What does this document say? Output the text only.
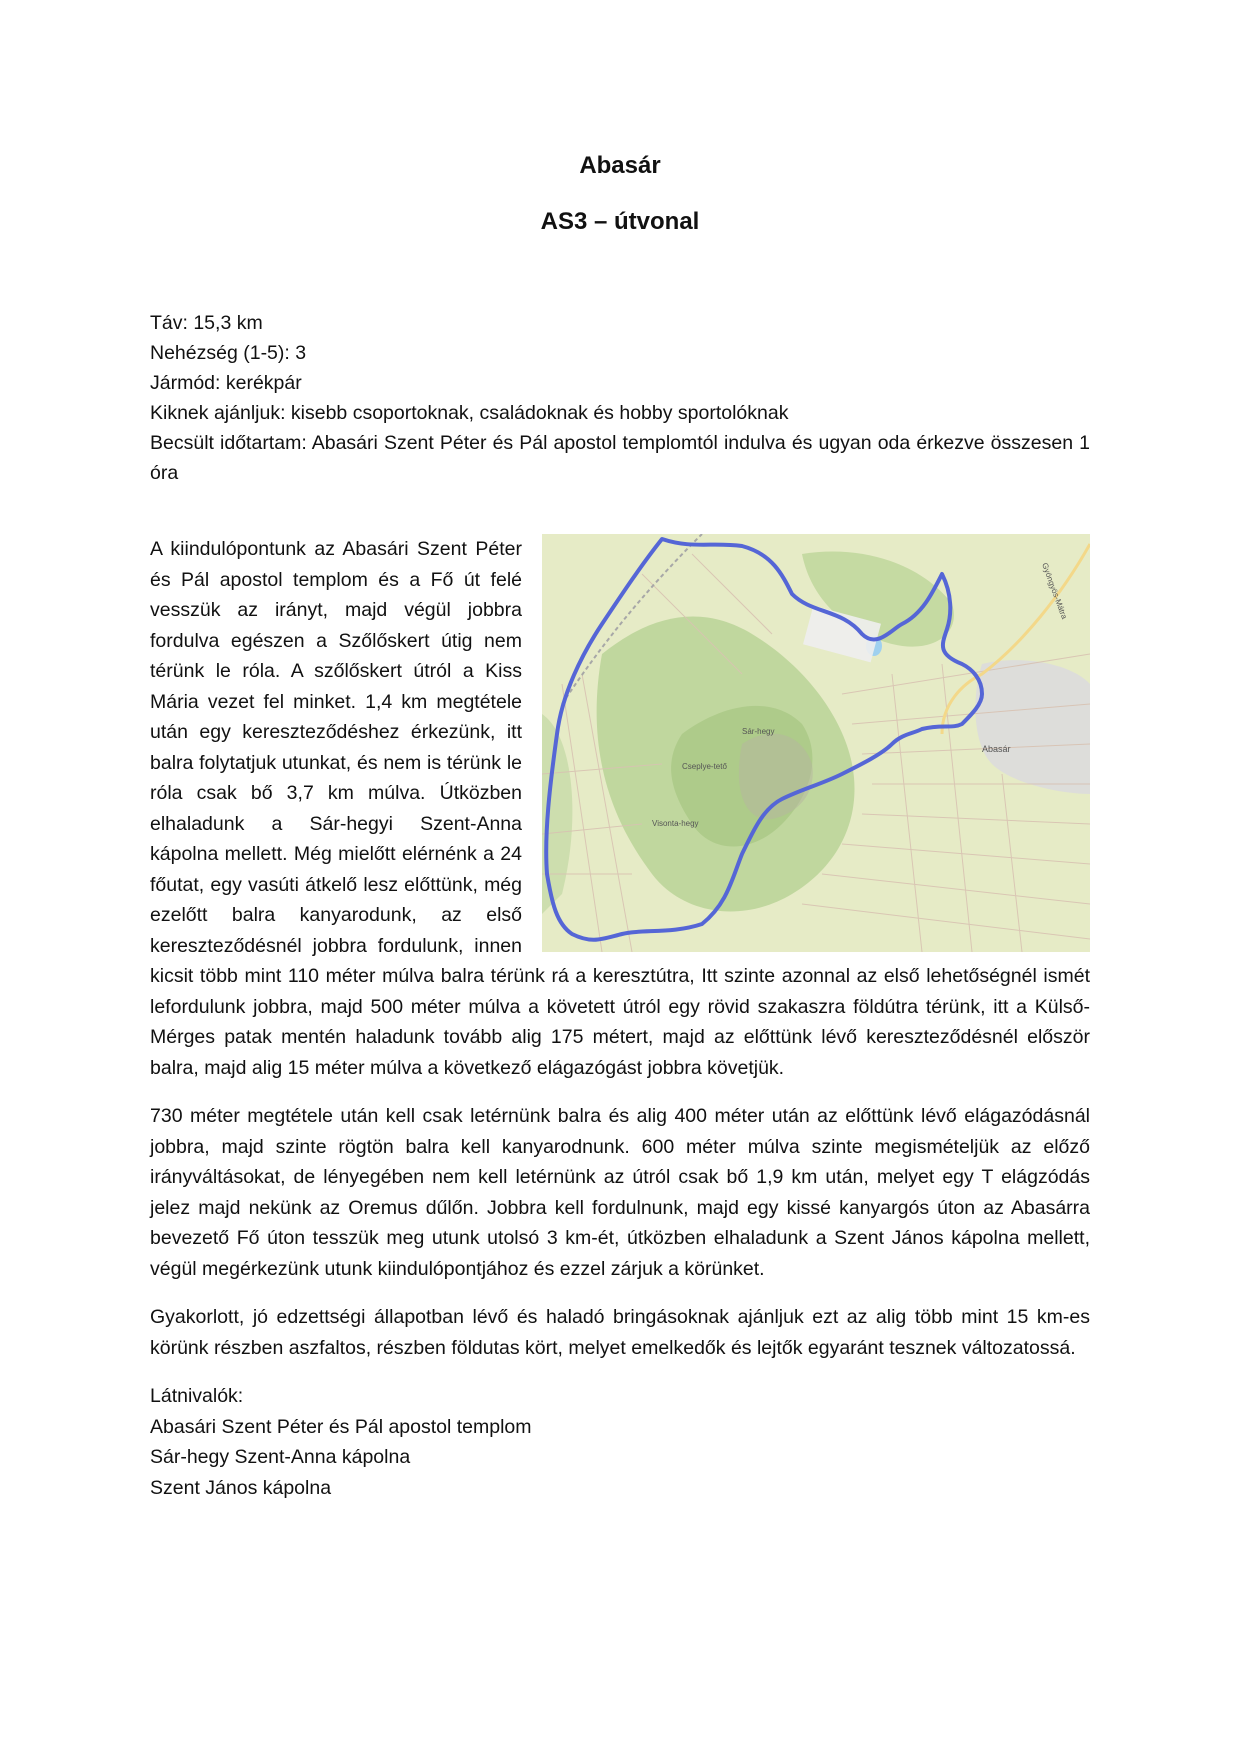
Abasár
AS3 – útvonal
Táv: 15,3 km
Nehézség (1-5): 3
Jármód: kerékpár
Kiknek ajánljuk: kisebb csoportoknak, családoknak és hobby sportolóknak
Becsült időtartam: Abasári Szent Péter és Pál apostol templomtól indulva és ugyan oda érkezve összesen 1 óra
Abasár
Sár-hegy
Cseplye-tető
Visonta-hegy
Gyöngyös-Mátra

A kiindulópontunk az Abasári Szent Péter és Pál apostol templom és a Fő út felé vesszük az irányt, majd végül jobbra fordulva egészen a Szőlőskert útig nem térünk le róla. A szőlőskert útról a Kiss Mária vezet fel minket. 1,4 km megtétele után egy kereszteződéshez érkezünk, itt balra folytatjuk utunkat, és nem is térünk le róla csak bő 3,7 km múlva. Útközben elhaladunk a Sár-hegyi Szent-Anna kápolna mellett. Még mielőtt elérnénk a 24 főutat, egy vasúti átkelő lesz előttünk, még ezelőtt balra kanyarodunk, az első kereszteződésnél jobbra fordulunk, innen kicsit több mint 110 méter múlva balra térünk rá a keresztútra, Itt szinte azonnal az első lehetőségnél ismét lefordulunk jobbra, majd 500 méter múlva a követett útról egy rövid szakaszra földútra térünk, itt a Külső-Mérges patak mentén haladunk tovább alig 175 métert, majd az előttünk lévő kereszteződésnél először balra, majd alig 15 méter múlva a következő elágazógást jobbra követjük.

730 méter megtétele után kell csak letérnünk balra és alig 400 méter után az előttünk lévő elágazódásnál jobbra, majd szinte rögtön balra kell kanyarodnunk. 600 méter múlva szinte megismételjük az előző irányváltásokat, de lényegében nem kell letérnünk az útról csak bő 1,9 km után, melyet egy T elágzódás jelez majd nekünk az Oremus dűlőn. Jobbra kell fordulnunk, majd egy kissé kanyargós úton az Abasárra bevezető Fő úton tesszük meg utunk utolsó 3 km-ét, útközben elhaladunk a Szent János kápolna mellett, végül megérkezünk utunk kiindulópontjához és ezzel zárjuk a körünket.

Gyakorlott, jó edzettségi állapotban lévő és haladó bringásoknak ajánljuk ezt az alig több mint 15 km-es körünk részben aszfaltos, részben földutas kört, melyet emelkedők és lejtők egyaránt tesznek változatossá.

Látnivalók:
Abasári Szent Péter és Pál apostol templom
Sár-hegy Szent-Anna kápolna
Szent János kápolna
